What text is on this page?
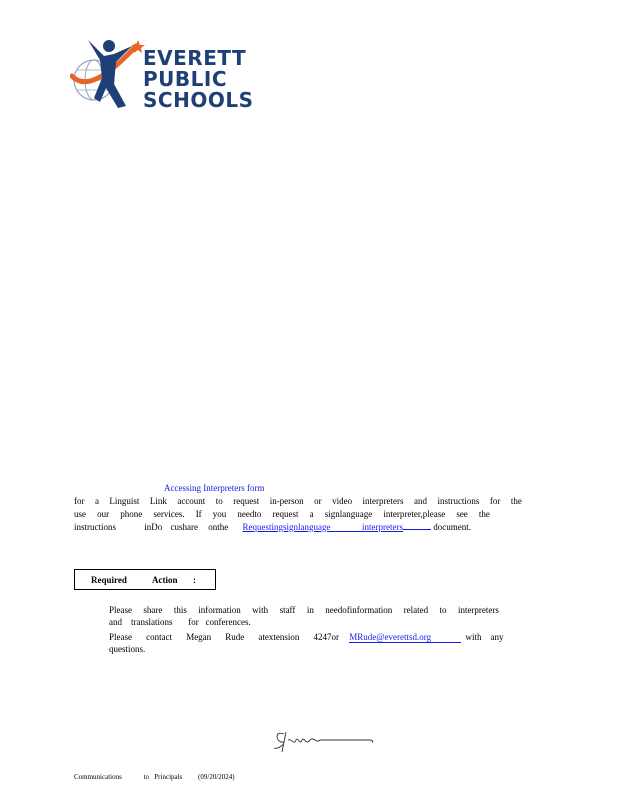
EVERETT
PUBLIC
SCHOOLS
Accessing Interpreters form
for a Linguist Link account to request in-person or video interpreters and instructions for the
use our phone services. If you needto request a signlanguage interpreter,please see the
instructions	inDo cushare onthe Requestingsignlanguage              interpreters	document.
Required	Action :
Please share this information with staff in needofinformation related to interpreters
and    translations       for   conferences.
Please contact Megan Rude atextension 4247or MRude@everettsd.org	with any
questions.
Communications	to   Principals (09/20/2024)
